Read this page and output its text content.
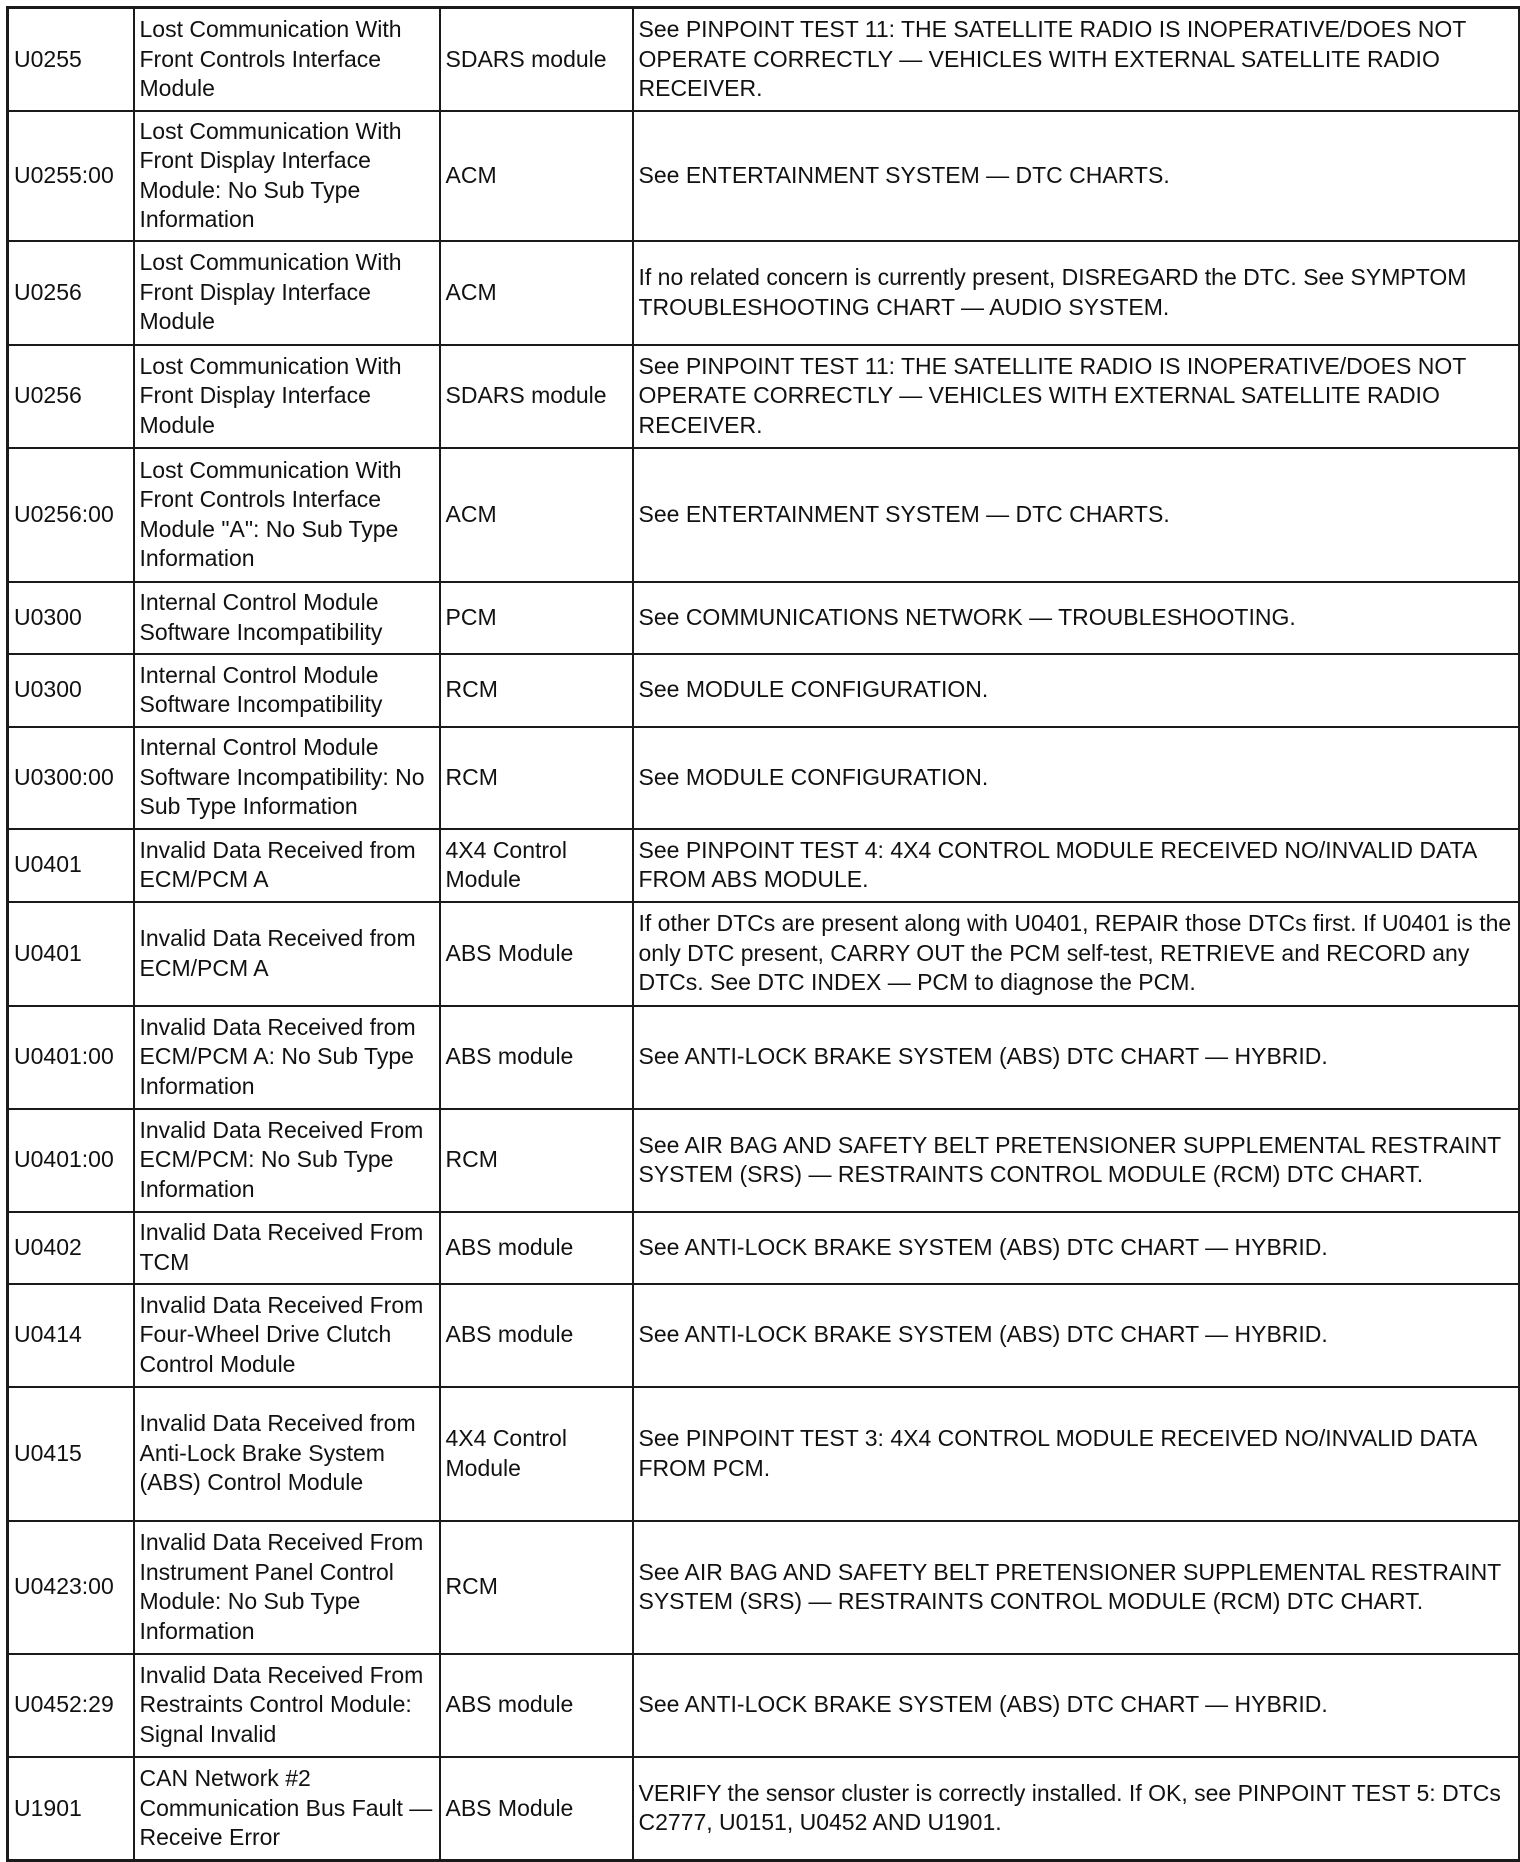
U0255	Lost Communication With Front Controls Interface Module	SDARS module	See PINPOINT TEST 11: THE SATELLITE RADIO IS INOPERATIVE/DOES NOT OPERATE CORRECTLY — VEHICLES WITH EXTERNAL SATELLITE RADIO RECEIVER.
U0255:00	Lost Communication With Front Display Interface Module: No Sub Type Information	ACM	See ENTERTAINMENT SYSTEM — DTC CHARTS.
U0256	Lost Communication With Front Display Interface Module	ACM	If no related concern is currently present, DISREGARD the DTC. See SYMPTOM TROUBLESHOOTING CHART — AUDIO SYSTEM.
U0256	Lost Communication With Front Display Interface Module	SDARS module	See PINPOINT TEST 11: THE SATELLITE RADIO IS INOPERATIVE/DOES NOT OPERATE CORRECTLY — VEHICLES WITH EXTERNAL SATELLITE RADIO RECEIVER.
U0256:00	Lost Communication With Front Controls Interface Module "A": No Sub Type Information	ACM	See ENTERTAINMENT SYSTEM — DTC CHARTS.
U0300	Internal Control Module Software Incompatibility	PCM	See COMMUNICATIONS NETWORK — TROUBLESHOOTING.
U0300	Internal Control Module Software Incompatibility	RCM	See MODULE CONFIGURATION.
U0300:00	Internal Control Module Software Incompatibility: No Sub Type Information	RCM	See MODULE CONFIGURATION.
U0401	Invalid Data Received from ECM/PCM A	4X4 Control Module	See PINPOINT TEST 4: 4X4 CONTROL MODULE RECEIVED NO/INVALID DATA FROM ABS MODULE.
U0401	Invalid Data Received from ECM/PCM A	ABS Module	If other DTCs are present along with U0401, REPAIR those DTCs first. If U0401 is the only DTC present, CARRY OUT the PCM self-test, RETRIEVE and RECORD any DTCs. See DTC INDEX — PCM to diagnose the PCM.
U0401:00	Invalid Data Received from ECM/PCM A: No Sub Type Information	ABS module	See ANTI-LOCK BRAKE SYSTEM (ABS) DTC CHART — HYBRID.
U0401:00	Invalid Data Received From ECM/PCM: No Sub Type Information	RCM	See AIR BAG AND SAFETY BELT PRETENSIONER SUPPLEMENTAL RESTRAINT SYSTEM (SRS) — RESTRAINTS CONTROL MODULE (RCM) DTC CHART.
U0402	Invalid Data Received From TCM	ABS module	See ANTI-LOCK BRAKE SYSTEM (ABS) DTC CHART — HYBRID.
U0414	Invalid Data Received From Four-Wheel Drive Clutch Control Module	ABS module	See ANTI-LOCK BRAKE SYSTEM (ABS) DTC CHART — HYBRID.
U0415	Invalid Data Received from Anti-Lock Brake System (ABS) Control Module	4X4 Control Module	See PINPOINT TEST 3: 4X4 CONTROL MODULE RECEIVED NO/INVALID DATA FROM PCM.
U0423:00	Invalid Data Received From Instrument Panel Control Module: No Sub Type Information	RCM	See AIR BAG AND SAFETY BELT PRETENSIONER SUPPLEMENTAL RESTRAINT SYSTEM (SRS) — RESTRAINTS CONTROL MODULE (RCM) DTC CHART.
U0452:29	Invalid Data Received From Restraints Control Module: Signal Invalid	ABS module	See ANTI-LOCK BRAKE SYSTEM (ABS) DTC CHART — HYBRID.
U1901	CAN Network #2 Communication Bus Fault — Receive Error	ABS Module	VERIFY the sensor cluster is correctly installed. If OK, see PINPOINT TEST 5: DTCs C2777, U0151, U0452 AND U1901.
